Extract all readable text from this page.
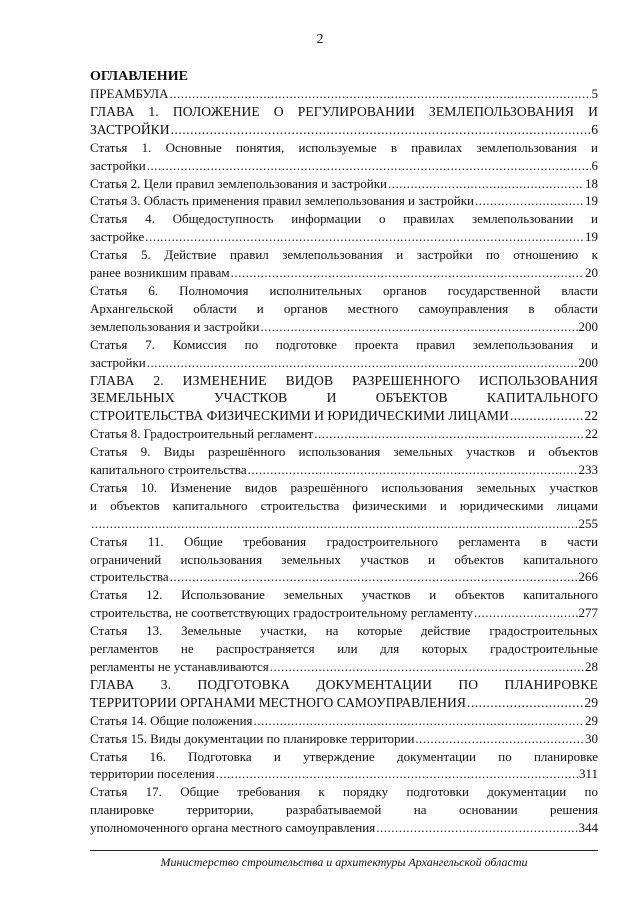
2

ОГЛАВЛЕНИЕ

ПРЕАМБУЛА .....	5

ГЛАВА 1. ПОЛОЖЕНИЕ О РЕГУЛИРОВАНИИ ЗЕМЛЕПОЛЬЗОВАНИЯ И

ЗАСТРОЙКИ .....	6

Статья 1. Основные понятия, используемые в правилах землепользования и

застройки .....	6
Статья 2. Цели правил землепользования и застройки .....	18
Статья 3. Область применения правил землепользования и застройки .....	19

Статья 4. Общедоступность информации о правилах землепользовании и

застройке .....	19

Статья 5. Действие правил землепользования и застройки по отношению к

ранее возникшим правам .....	20

Статья 6. Полномочия исполнительных органов государственной власти

Архангельской области и органов местного самоуправления в области

землепользования и застройки .....	200

Статья 7. Комиссия по подготовке проекта правил землепользования и

застройки .....	200

ГЛАВА 2. ИЗМЕНЕНИЕ ВИДОВ РАЗРЕШЕННОГО ИСПОЛЬЗОВАНИЯ

ЗЕМЕЛЬНЫХ УЧАСТКОВ И ОБЪЕКТОВ КАПИТАЛЬНОГО

СТРОИТЕЛЬСТВА ФИЗИЧЕСКИМИ И ЮРИДИЧЕСКИМИ ЛИЦАМИ .....	22
Статья 8. Градостроительный регламент .....	22

Статья 9. Виды разрешённого использования земельных участков и объектов

капитального строительства .....	233

Статья 10. Изменение видов разрешённого использования земельных участков

и объектов капитального строительства физическими и юридическими лицами

.....
255

Статья 11. Общие требования градостроительного регламента в части

ограничений использования земельных участков и объектов капитального

строительства .....	266

Статья 12. Использование земельных участков и объектов капитального

строительства, не соответствующих градостроительному регламенту .....	277

Статья 13. Земельные участки, на которые действие градостроительных

регламентов не распространяется или для которых градостроительные

регламенты не устанавливаются .....	28

ГЛАВА 3. ПОДГОТОВКА ДОКУМЕНТАЦИИ ПО ПЛАНИРОВКЕ

ТЕРРИТОРИИ ОРГАНАМИ МЕСТНОГО САМОУПРАВЛЕНИЯ .....	29
Статья 14. Общие положения .....	29
Статья 15. Виды документации по планировке территории .....	30

Статья 16. Подготовка и утверждение документации по планировке

территории поселения .....	311

Статья 17. Общие требования к порядку подготовки документации по

планировке территории, разрабатываемой на основании решения

уполномоченного органа местного самоуправления .....	344
Министерство строительства и архитектуры Архангельской области
